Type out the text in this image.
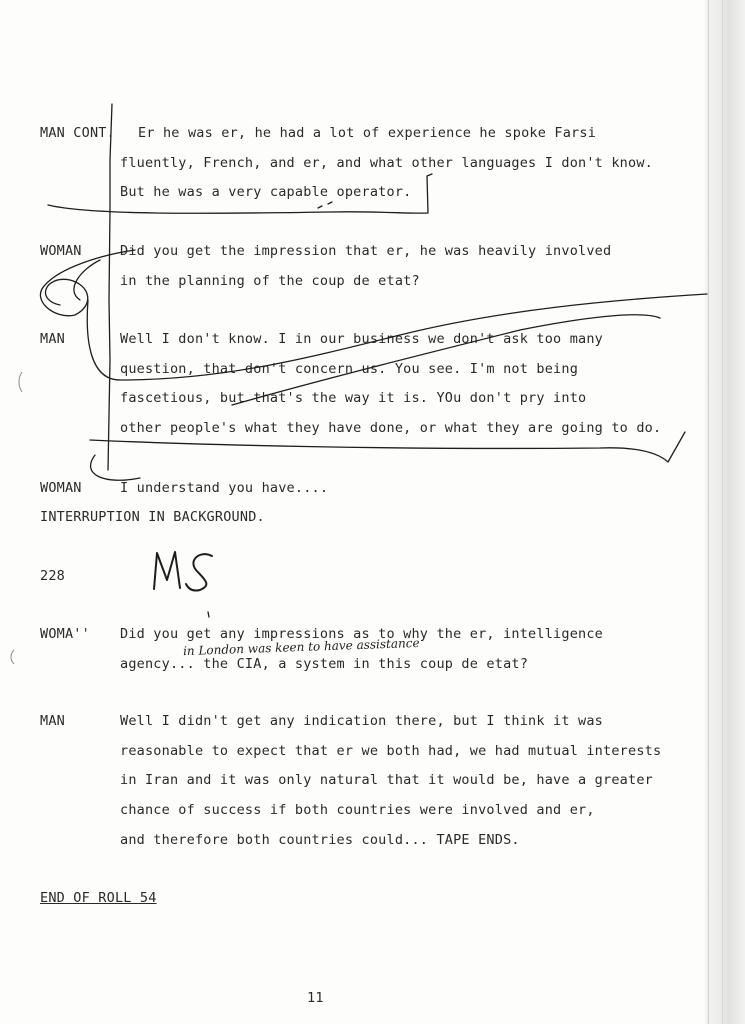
MAN CONT. Er he was er, he had a lot of experience he spoke Farsi
fluently, French, and er, and what other languages I don't know.
But he was a very capable operator.
WOMAN	Did you get the impression that er, he was heavily involved
in the planning of the coup de etat?
MAN	Well I don't know. I in our business we don't ask too many
question, that don't concern us. You see. I'm not being
fascetious, but that's the way it is. YOu don't pry into
other people's what they have done, or what they are going to do.
WOMAN	I understand you have....
INTERRUPTION IN BACKGROUND.
228
WOMA'' Did you get any impressions as to why the er, intelligence
agency... the CIA, a system in this coup de etat?
MAN	Well I didn't get any indication there, but I think it was
reasonable to expect that er we both had, we had mutual interests
in Iran and it was only natural that it would be, have a greater
chance of success if both countries were involved and er,
and therefore both countries could... TAPE ENDS.
END OF ROLL 54
11
in London was keen to have assistance
